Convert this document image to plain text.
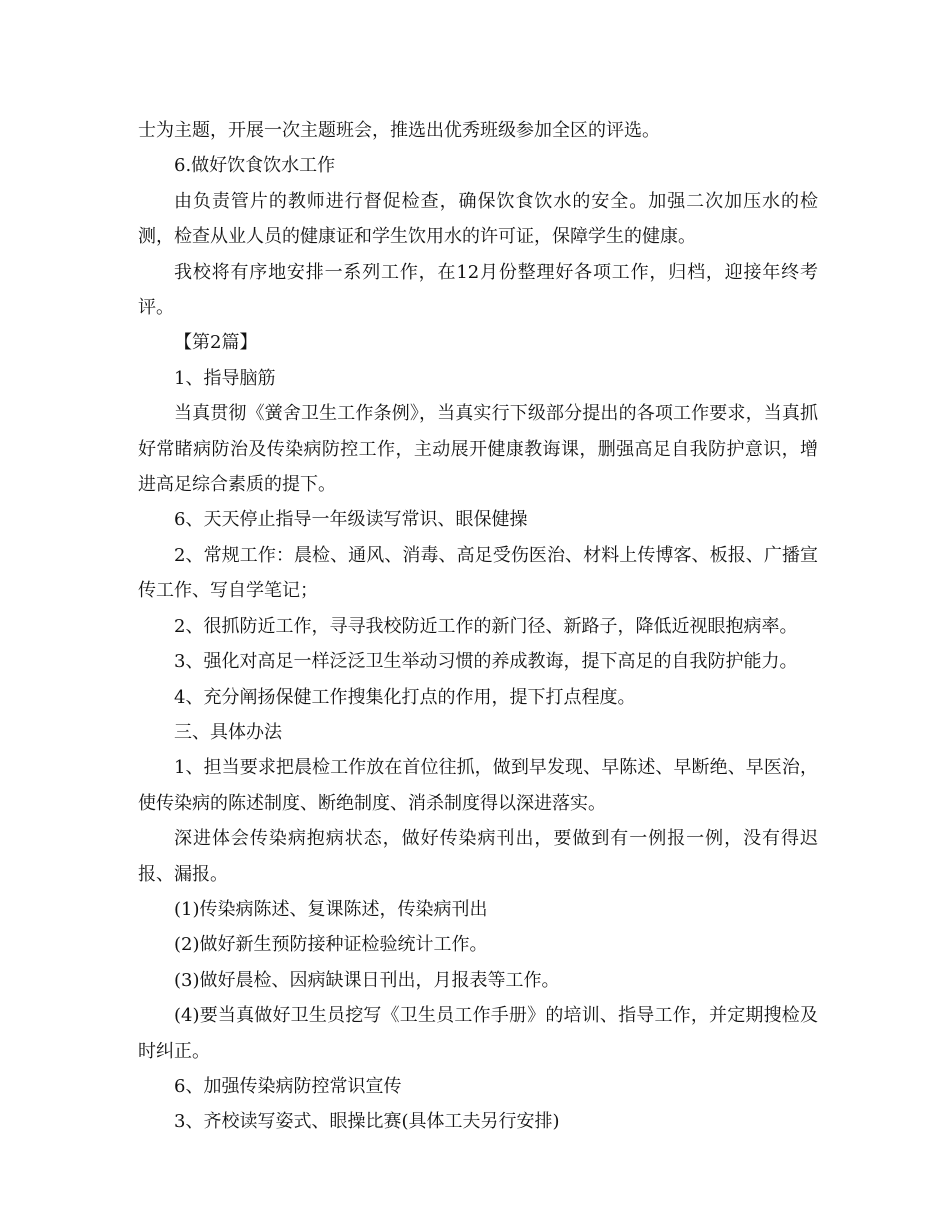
士为主题，开展一次主题班会，推选出优秀班级参加全区的评选。

6.做好饮食饮水工作

由负责管片的教师进行督促检查，确保饮食饮水的安全。加强二次加压水的检测，检查从业人员的健康证和学生饮用水的许可证，保障学生的健康。

我校将有序地安排一系列工作，在12月份整理好各项工作，归档，迎接年终考评。

【第2篇】

1、指导脑筋

当真贯彻《黉舍卫生工作条例》，当真实行下级部分提出的各项工作要求，当真抓好常睹病防治及传染病防控工作，主动展开健康教诲课，删强高足自我防护意识，增进高足综合素质的提下。

6、天天停止指导一年级读写常识、眼保健操

2、常规工作：晨检、通风、消毒、高足受伤医治、材料上传博客、板报、广播宣传工作、写自学笔记；

2、很抓防近工作，寻寻我校防近工作的新门径、新路子，降低近视眼抱病率。

3、强化对高足一样泛泛卫生举动习惯的养成教诲，提下高足的自我防护能力。

4、充分阐扬保健工作搜集化打点的作用，提下打点程度。

三、具体办法

1、担当要求把晨检工作放在首位往抓，做到早发现、早陈述、早断绝、早医治，使传染病的陈述制度、断绝制度、消杀制度得以深进落实。

深进体会传染病抱病状态，做好传染病刊出，要做到有一例报一例，没有得迟报、漏报。

(1)传染病陈述、复课陈述，传染病刊出

(2)做好新生预防接种证检验统计工作。

(3)做好晨检、因病缺课日刊出，月报表等工作。

(4)要当真做好卫生员挖写《卫生员工作手册》的培训、指导工作，并定期搜检及时纠正。

6、加强传染病防控常识宣传

3、齐校读写姿式、眼操比赛(具体工夫另行安排)
